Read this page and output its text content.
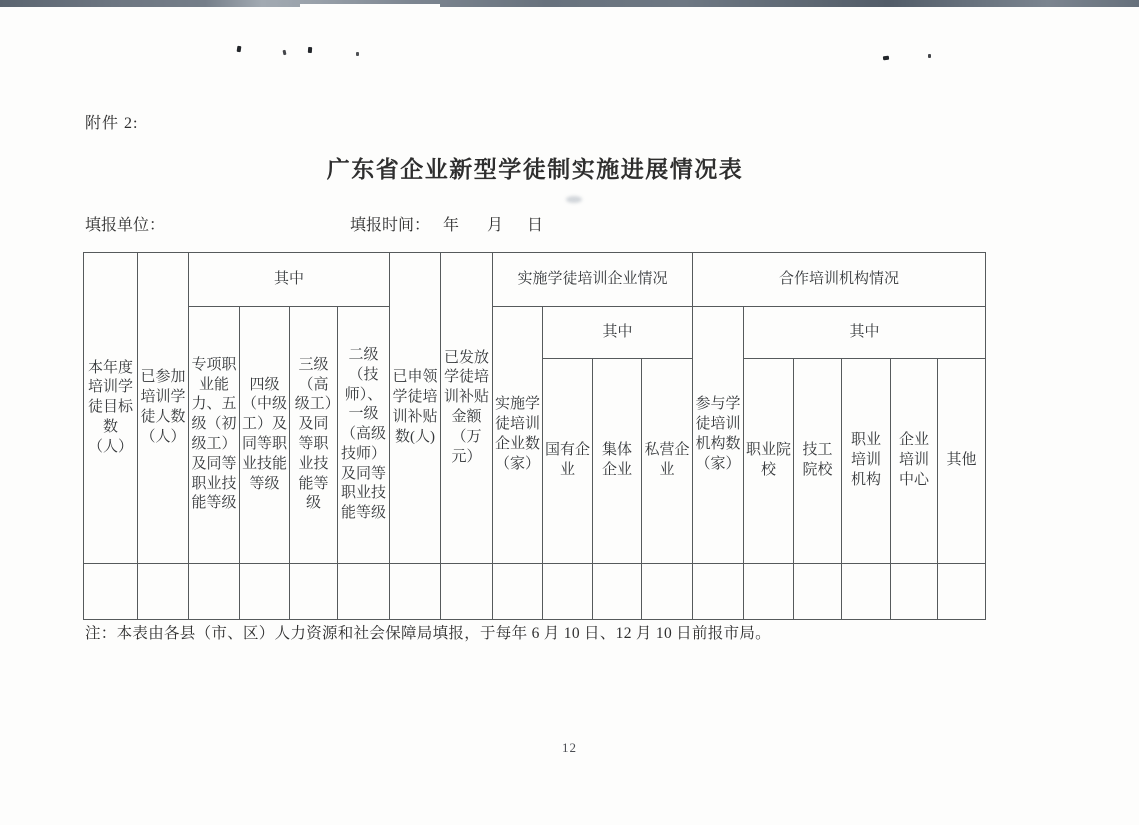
附件 2:
广东省企业新型学徒制实施进展情况表
填报单位：	填报时间： 年 月 日
本年度培训学徒目标数（人）	已参加培训学徒人数（人）	其中				已申领学徒培训补贴数(人)	已发放学徒培训补贴金额（万元）	实施学徒培训企业情况				合作培训机构情况					
		专项职业能力、五级（初级工）及同等职业技能等级	四级（中级工）及同等职业技能等级	三级（高级工）及同等职业技能等级	二级（技师）、一级（高级技师）及同等职业技能等级			实施学徒培训企业数（家）	其中			参与学徒培训机构数（家）	其中				
									国有企业	集体企业	私营企业		职业院校	技工院校	职业培训机构	企业培训中心	其他

注：本表由各县（市、区）人力资源和社会保障局填报，于每年 6 月 10 日、12 月 10 日前报市局。
12
